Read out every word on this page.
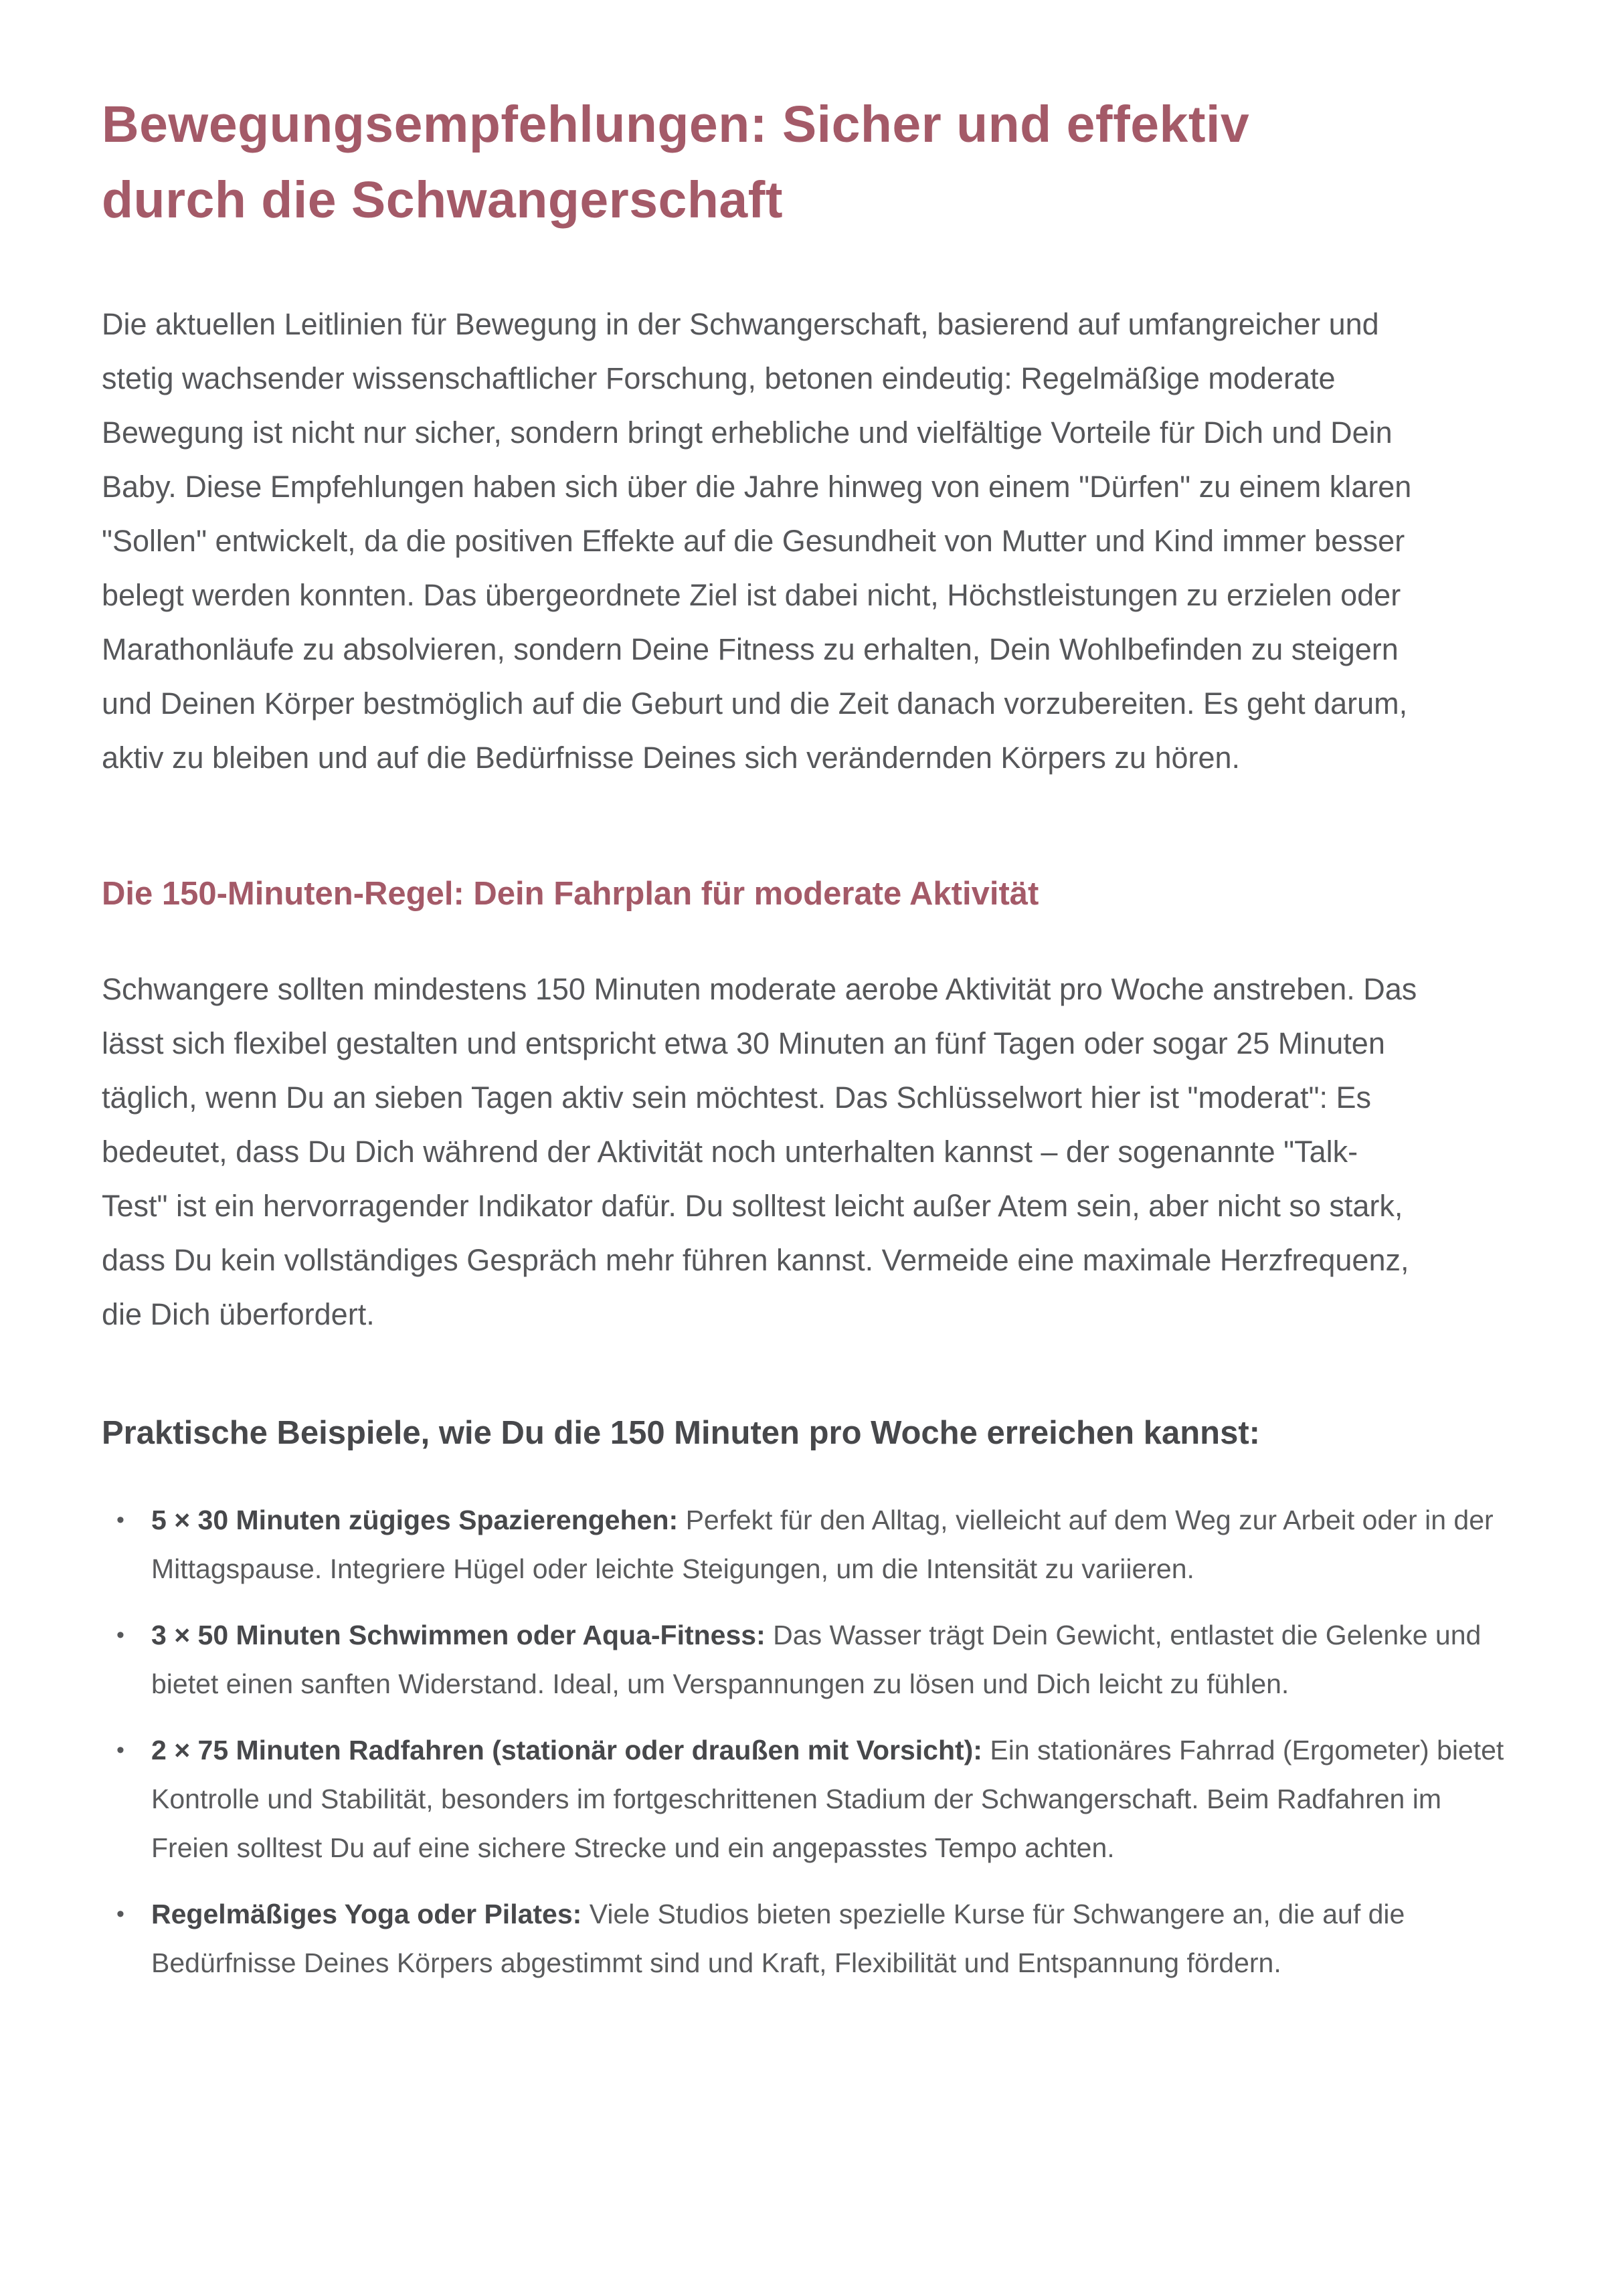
Bewegungsempfehlungen: Sicher und effektiv durch die Schwangerschaft

Die aktuellen Leitlinien für Bewegung in der Schwangerschaft, basierend auf umfangreicher und stetig wachsender wissenschaftlicher Forschung, betonen eindeutig: Regelmäßige moderate Bewegung ist nicht nur sicher, sondern bringt erhebliche und vielfältige Vorteile für Dich und Dein Baby. Diese Empfehlungen haben sich über die Jahre hinweg von einem "Dürfen" zu einem klaren "Sollen" entwickelt, da die positiven Effekte auf die Gesundheit von Mutter und Kind immer besser belegt werden konnten. Das übergeordnete Ziel ist dabei nicht, Höchstleistungen zu erzielen oder Marathonläufe zu absolvieren, sondern Deine Fitness zu erhalten, Dein Wohlbefinden zu steigern und Deinen Körper bestmöglich auf die Geburt und die Zeit danach vorzubereiten. Es geht darum, aktiv zu bleiben und auf die Bedürfnisse Deines sich verändernden Körpers zu hören.

Die 150-Minuten-Regel: Dein Fahrplan für moderate Aktivität

Schwangere sollten mindestens 150 Minuten moderate aerobe Aktivität pro Woche anstreben. Das lässt sich flexibel gestalten und entspricht etwa 30 Minuten an fünf Tagen oder sogar 25 Minuten täglich, wenn Du an sieben Tagen aktiv sein möchtest. Das Schlüsselwort hier ist "moderat": Es bedeutet, dass Du Dich während der Aktivität noch unterhalten kannst – der sogenannte "Talk-Test" ist ein hervorragender Indikator dafür. Du solltest leicht außer Atem sein, aber nicht so stark, dass Du kein vollständiges Gespräch mehr führen kannst. Vermeide eine maximale Herzfrequenz, die Dich überfordert.

Praktische Beispiele, wie Du die 150 Minuten pro Woche erreichen kannst:
• 5 × 30 Minuten zügiges Spazierengehen: Perfekt für den Alltag, vielleicht auf dem Weg zur Arbeit oder in der Mittagspause. Integriere Hügel oder leichte Steigungen, um die Intensität zu variieren.
• 3 × 50 Minuten Schwimmen oder Aqua-Fitness: Das Wasser trägt Dein Gewicht, entlastet die Gelenke und bietet einen sanften Widerstand. Ideal, um Verspannungen zu lösen und Dich leicht zu fühlen.
• 2 × 75 Minuten Radfahren (stationär oder draußen mit Vorsicht): Ein stationäres Fahrrad (Ergometer) bietet Kontrolle und Stabilität, besonders im fortgeschrittenen Stadium der Schwangerschaft. Beim Radfahren im Freien solltest Du auf eine sichere Strecke und ein angepasstes Tempo achten.
• Regelmäßiges Yoga oder Pilates: Viele Studios bieten spezielle Kurse für Schwangere an, die auf die Bedürfnisse Deines Körpers abgestimmt sind und Kraft, Flexibilität und Entspannung fördern.
